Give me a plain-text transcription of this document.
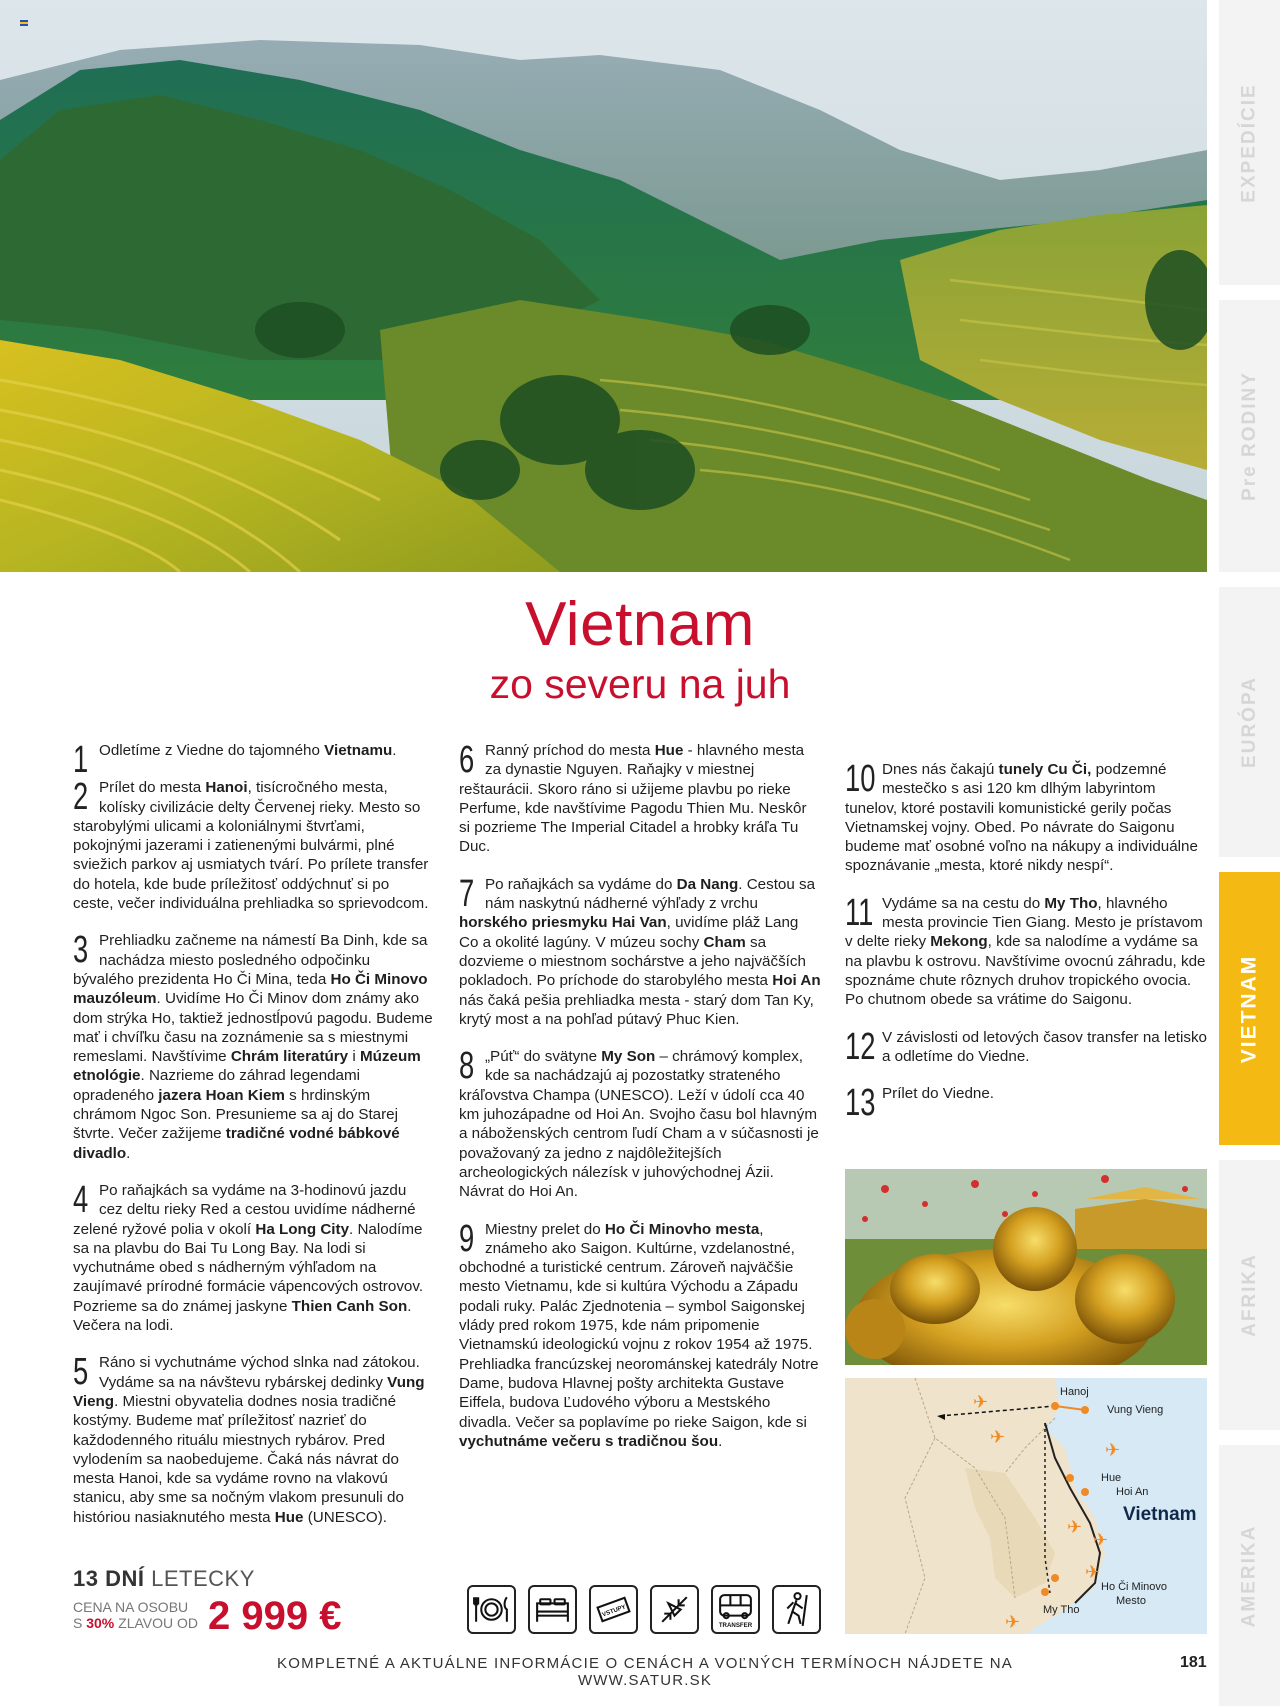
EXPEDÍCIE
Pre RODINY
EURÓPA
VIETNAM
AFRIKA
AMERIKA
Vietnam
zo severu na juh

1 Odletíme z Viedne do tajomného Vietnamu.

2 Prílet do mesta Hanoi, tisícročného mesta, kolísky civilizácie delty Červenej rieky. Mesto so starobylými ulicami a koloniálnymi štvrťami, pokojnými jazerami i zatienenými bulvármi, plné sviežich parkov aj usmiatych tvárí. Po prílete transfer do hotela, kde bude príležitosť oddýchnuť si po ceste, večer individuálna prehliadka so sprievodcom.

3 Prehliadku začneme na námestí Ba Dinh, kde sa nachádza miesto posledného odpočinku bývalého prezidenta Ho Či Mina, teda Ho Či Minovo mauzóleum. Uvidíme Ho Či Minov dom známy ako dom strýka Ho, taktiež jednostĺpovú pagodu. Budeme mať i chvíľku času na zoznámenie sa s miestnymi remeslami. Navštívime Chrám literatúry i Múzeum etnológie. Nazrieme do záhrad legendami opradeného jazera Hoan Kiem s hrdinským chrámom Ngoc Son. Presunieme sa aj do Starej štvrte. Večer zažijeme tradičné vodné bábkové divadlo.

4 Po raňajkách sa vydáme na 3-hodinovú jazdu cez deltu rieky Red a cestou uvidíme nádherné zelené ryžové polia v okolí Ha Long City. Nalodíme sa na plavbu do Bai Tu Long Bay. Na lodi si vychutnáme obed s nádherným výhľadom na zaujímavé prírodné formácie vápencových ostrovov. Pozrieme sa do známej jaskyne Thien Canh Son. Večera na lodi.

5 Ráno si vychutnáme východ slnka nad zátokou. Vydáme sa na návštevu rybárskej dedinky Vung Vieng. Miestni obyvatelia dodnes nosia tradičné kostýmy. Budeme mať príležitosť nazrieť do každodenného rituálu miestnych rybárov. Pred vylodením sa naobedujeme. Čaká nás návrat do mesta Hanoi, kde sa vydáme rovno na vlakovú stanicu, aby sme sa nočným vlakom presunuli do históriou nasiaknutého mesta Hue (UNESCO).

6 Ranný príchod do mesta Hue - hlavného mesta za dynastie Nguyen. Raňajky v miestnej reštaurácii. Skoro ráno si užijeme plavbu po rieke Perfume, kde navštívime Pagodu Thien Mu. Neskôr si pozrieme The Imperial Citadel a hrobky kráľa Tu Duc.

7 Po raňajkách sa vydáme do Da Nang. Cestou sa nám naskytnú nádherné výhľady z vrchu horského priesmyku Hai Van, uvidíme pláž Lang Co a okolité lagúny. V múzeu sochy Cham sa dozvieme o miestnom sochárstve a jeho najväčších pokladoch. Po príchode do starobylého mesta Hoi An nás čaká pešia prehliadka mesta - starý dom Tan Ky, krytý most a na pohľad pútavý Phuc Kien.

8 „Púť“ do svätyne My Son – chrámový komplex, kde sa nachádzajú aj pozostatky strateného kráľovstva Champa (UNESCO). Leží v údolí cca 40 km juhozápadne od Hoi An. Svojho času bol hlavným a náboženských centrom ľudí Cham a v súčasnosti je považovaný za jedno z najdôležitejších archeologických nálezísk v juhovýchodnej Ázii. Návrat do Hoi An.

9 Miestny prelet do Ho Či Minovho mesta, známeho ako Saigon. Kultúrne, vzdelanostné, obchodné a turistické centrum. Zároveň najväčšie mesto Vietnamu, kde si kultúra Východu a Západu podali ruky. Palác Zjednotenia – symbol Saigonskej vlády pred rokom 1975, kde nám pripomenie Vietnamskú ideologickú vojnu z rokov 1954 až 1975. Prehliadka francúzskej neorománskej katedrály Notre Dame, budova Hlavnej pošty architekta Gustave Eiffela, budova Ľudového výboru a Mestského divadla. Večer sa poplavíme po rieke Saigon, kde si vychutnáme večeru s tradičnou šou.

10 Dnes nás čakajú tunely Cu Či, podzemné mestečko s asi 120 km dlhým labyrintom tunelov, ktoré postavili komunistické gerily počas Vietnamskej vojny. Obed. Po návrate do Saigonu budeme mať osobné voľno na nákupy a individuálne spoznávanie „mesta, ktoré nikdy nespí“.

11 Vydáme sa na cestu do My Tho, hlavného mesta provincie Tien Giang. Mesto je prístavom v delte rieky Mekong, kde sa nalodíme a vydáme sa na plavbu k ostrovu. Navštívime ovocnú záhradu, kde spoznáme chute rôznych druhov tropického ovocia. Po chutnom obede sa vrátime do Saigonu.

12 V závislosti od letových časov transfer na letisko a odletíme do Viedne.

13 Prílet do Viedne.

✈
✈
✈
✈
✈
✈
✈
Hanoj
Vung Vieng
Hue
Hoi An
Vietnam
Ho Či Minovo
Mesto
My Tho
13 DNÍ LETECKY
CENA NA OSOBU
S 30% ZLAVOU OD 2 999 €	VSTUPY
TRANSFER
KOMPLETNÉ A AKTUÁLNE INFORMÁCIE O CENÁCH A VOĽNÝCH TERMÍNOCH NÁJDETE NA WWW.SATUR.SK
181
